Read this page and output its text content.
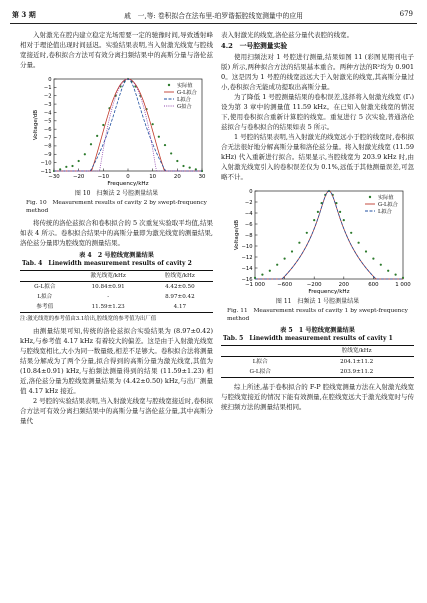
第 3 期	戚　一,等: 卷积拟合在法布里-珀罗谐振腔线宽测量中的应用	679

入射激光在腔内建立稳定光场需要一定的驰豫时间,导致透射峰相对于理论值出现时间延迟。实验结果表明,当入射激光线宽与腔线宽接近时,卷积拟合方法可有效分离扫频结果中的高斯分量与洛伦兹分量。

−30 −20 −10	0	10	20	30
0
−1
−2
−3
−4
−5
−6
−7
−8
−9
−10
−11
Frequency/kHz
Voltage/dB
实际值
G-L拟合
L拟合
G拟合
图 10　扫频法 2 号腔测量结果
Fig. 10　Measurement results of cavity 2 by swept-frequency method

将传统的洛伦兹拟合和卷积拟合的 5 次重复实验取平均值,结果如表 4 所示。卷积拟合结果中的高斯分量即为激光线宽的测量结果,洛伦兹分量即为腔线宽的测量结果。

表 4　2 号腔线宽测量结果
Tab. 4　Linewidth measurement results of cavity 2
	激光线宽/kHz	腔线宽/kHz
G-L拟合	10.84±0.91	4.42±0.50
L拟合	-	8.97±0.42
参考值	11.59±1.23	4.17
注:激光线宽的参考值由3.1给出,腔线宽的参考值为出厂值

由测量结果可知,传统的洛伦兹拟合实验结果为 (8.97±0.42) kHz,与参考值 4.17 kHz 有着较大的偏差。这是由于入射激光线宽与腔线宽相比,大小为同一数量级,相差不足够大。卷积拟合法将测量结果分解成为了两个分量,拟合得到的高斯分量为激光线宽,其值为 (10.84±0.91) kHz,与拍频法测量得到的结果 (11.59±1.23) 相近,洛伦兹分量为腔线宽测量结果为 (4.42±0.50) kHz,与出厂测量值 4.17 kHz 接近。

2 号腔的实验结果表明,当入射激光线宽与腔线宽接近时,卷积拟合方法可有效分离扫频结果中的高斯分量与洛伦兹分量,其中高斯分量代

表入射激光的线宽,洛伦兹分量代表腔的线宽。

4.2　一号腔测量实验

使用扫频法对 1 号腔进行测量,结果如图 11 (彩图见期刊电子版) 所示,两种拟合方法的结果基本重合。两种方法的R²均为 0.901 0。这是因为 1 号腔的线宽远远大于入射激光的线宽,其高斯分量过小,卷积拟合无能成功提取出高斯分量。

为了降低 1 号腔测量结果的卷积误差,选择将入射激光线宽 (Γᵢ) 设为第 3 章中的测量值 11.59 kHz。在已知入射激光线宽的情况下,使用卷积拟合重新计算腔的线宽。重复进行 5 次实验,普通洛伦兹拟合与卷积拟合的结果如表 5 所示。

1 号腔的结果表明,当入射激光的线宽远小于腔的线宽时,卷积拟合无法很好地分解高斯分量和洛伦兹分量。将入射激光线宽 (11.59 kHz) 代入重新进行拟合。结果显示,当腔线宽为 203.9 kHz 时,由入射激光线宽引入的卷积误差仅为 0.1%,远低于其他测量误差,可忽略不计。

−1 000 −600	−200	200	600	1 000
0
−2
−4
−6
−8
−10
−12
−14
−16
Frequency/kHz
Voltage/dB
实际值
G-L拟合
L拟合
图 11　扫频法 1 号腔测量结果
Fig. 11　Measurement results of cavity 1 by swept-frequency method
表 5　1 号腔线宽测量结果
Tab. 5　Linewidth measurement results of cavity 1
	腔线宽/kHz
L拟合	204.1±11.2
G-L拟合	203.9±11.2

综上所述,基于卷积拟合的 F-P 腔线宽测量方法在入射激光线宽与腔线宽接近的情况下能有效测量,在腔线宽远大于激光线宽时与传统扫频方法的测量结果相同。
